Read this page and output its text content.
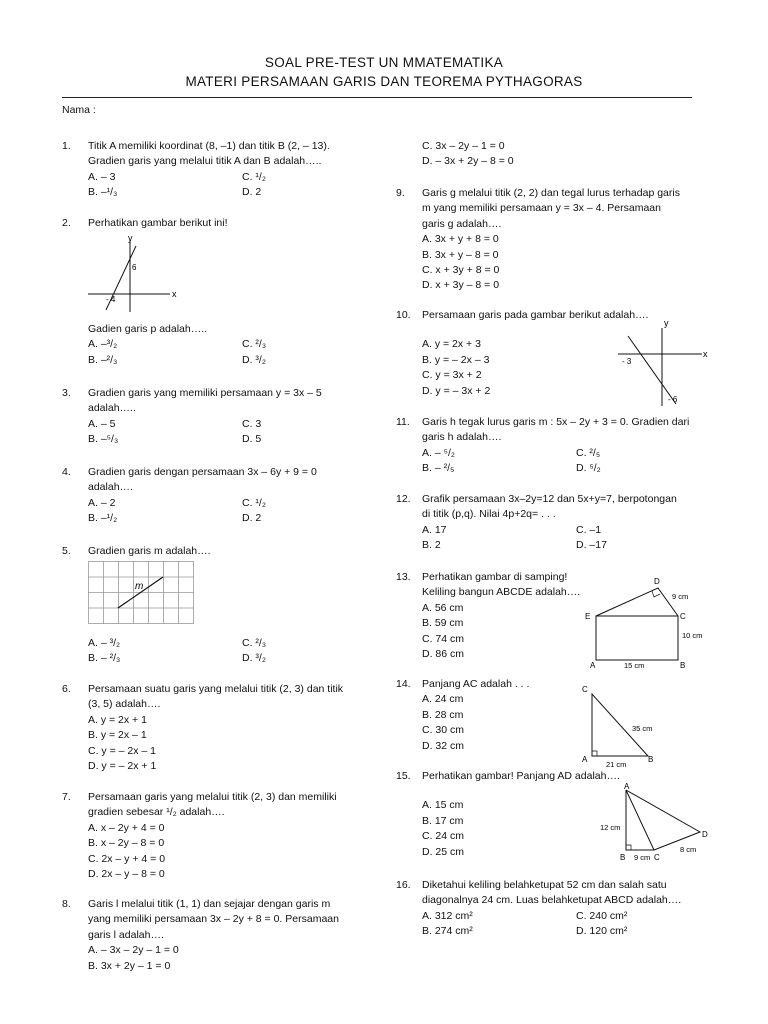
SOAL PRE-TEST UN MMATEMATIKA
MATERI PERSAMAAN GARIS DAN TEOREMA PYTHAGORAS
Nama :
1. Titik A memiliki koordinat (8, –1) dan titik B (2, – 13).
Gradien garis yang melalui titik A dan B adalah…..
A. – 3	C. ¹/₂
B. –¹/₃	D. 2
2. Perhatikan gambar berikut ini!
y
x
6
- 4
Gadien garis p adalah…..
A. –³/₂	C. ²/₃
B. –²/₃	D. ³/₂
3. Gradien garis yang memiliki persamaan y = 3x – 5
adalah…..
A. – 5	C. 3
B. –⁵/₃	D. 5
4. Gradien garis dengan persamaan 3x – 6y + 9 = 0
adalah….
A. – 2	C. ¹/₂
B. –¹/₂	D. 2
5. Gradien garis m adalah….
m
A. – ³/₂	C. ²/₃
B. – ²/₃	D. ³/₂
6. Persamaan suatu garis yang melalui titik (2, 3) dan titik
(3, 5) adalah….
A. y = 2x + 1
B. y = 2x – 1
C. y = – 2x – 1
D. y = – 2x + 1
7. Persamaan garis yang melalui titik (2, 3) dan memiliki
gradien sebesar ¹/₂ adalah….
A. x – 2y + 4 = 0
B. x – 2y – 8 = 0
C. 2x – y + 4 = 0
D. 2x – y – 8 = 0
8. Garis l melalui titik (1, 1) dan sejajar dengan garis m
yang memiliki persamaan 3x – 2y + 8 = 0. Persamaan
garis l adalah….
A. – 3x – 2y – 1 = 0
B. 3x + 2y – 1 = 0
C. 3x – 2y – 1 = 0
D. – 3x + 2y – 8 = 0
9. Garis g melalui titik (2, 2) dan tegal lurus terhadap garis
m yang memiliki persamaan y = 3x – 4. Persamaan
garis g adalah….
A. 3x + y + 8 = 0
B. 3x + y – 8 = 0
C. x + 3y + 8 = 0
D. x + 3y – 8 = 0
10. Persamaan garis pada gambar berikut adalah….
A. y = 2x + 3
B. y = – 2x – 3
C. y = 3x + 2
D. y = – 3x + 2
y
x
- 3
- 6
11. Garis h tegak lurus garis m : 5x – 2y + 3 = 0. Gradien dari
garis h adalah….
A. – ⁵/₂	C. ²/₅
B. – ²/₅	D. ⁵/₂
12. Grafik persamaan 3x–2y=12 dan 5x+y=7, berpotongan
di titik (p,q). Nilai 4p+2q= . . .
A. 17	C. –1
B. 2	D. –17
13. Perhatikan gambar di samping!
Keliling bangun ABCDE adalah….
A. 56 cm
B. 59 cm
C. 74 cm
D. 86 cm
D
E	C
A	B
9 cm
10 cm
15 cm
14. Panjang AC adalah . . .
A. 24 cm
B. 28 cm
C. 30 cm
D. 32 cm
C
A	B
35 cm
21 cm
15. Perhatikan gambar! Panjang AD adalah….
A. 15 cm
B. 17 cm
C. 24 cm
D. 25 cm
A
B	C
D
12 cm
9 cm
8 cm
16. Diketahui keliling belahketupat 52 cm dan salah satu
diagonalnya 24 cm. Luas belahketupat ABCD adalah….
A. 312 cm²	C. 240 cm²
B. 274 cm²	D. 120 cm²
